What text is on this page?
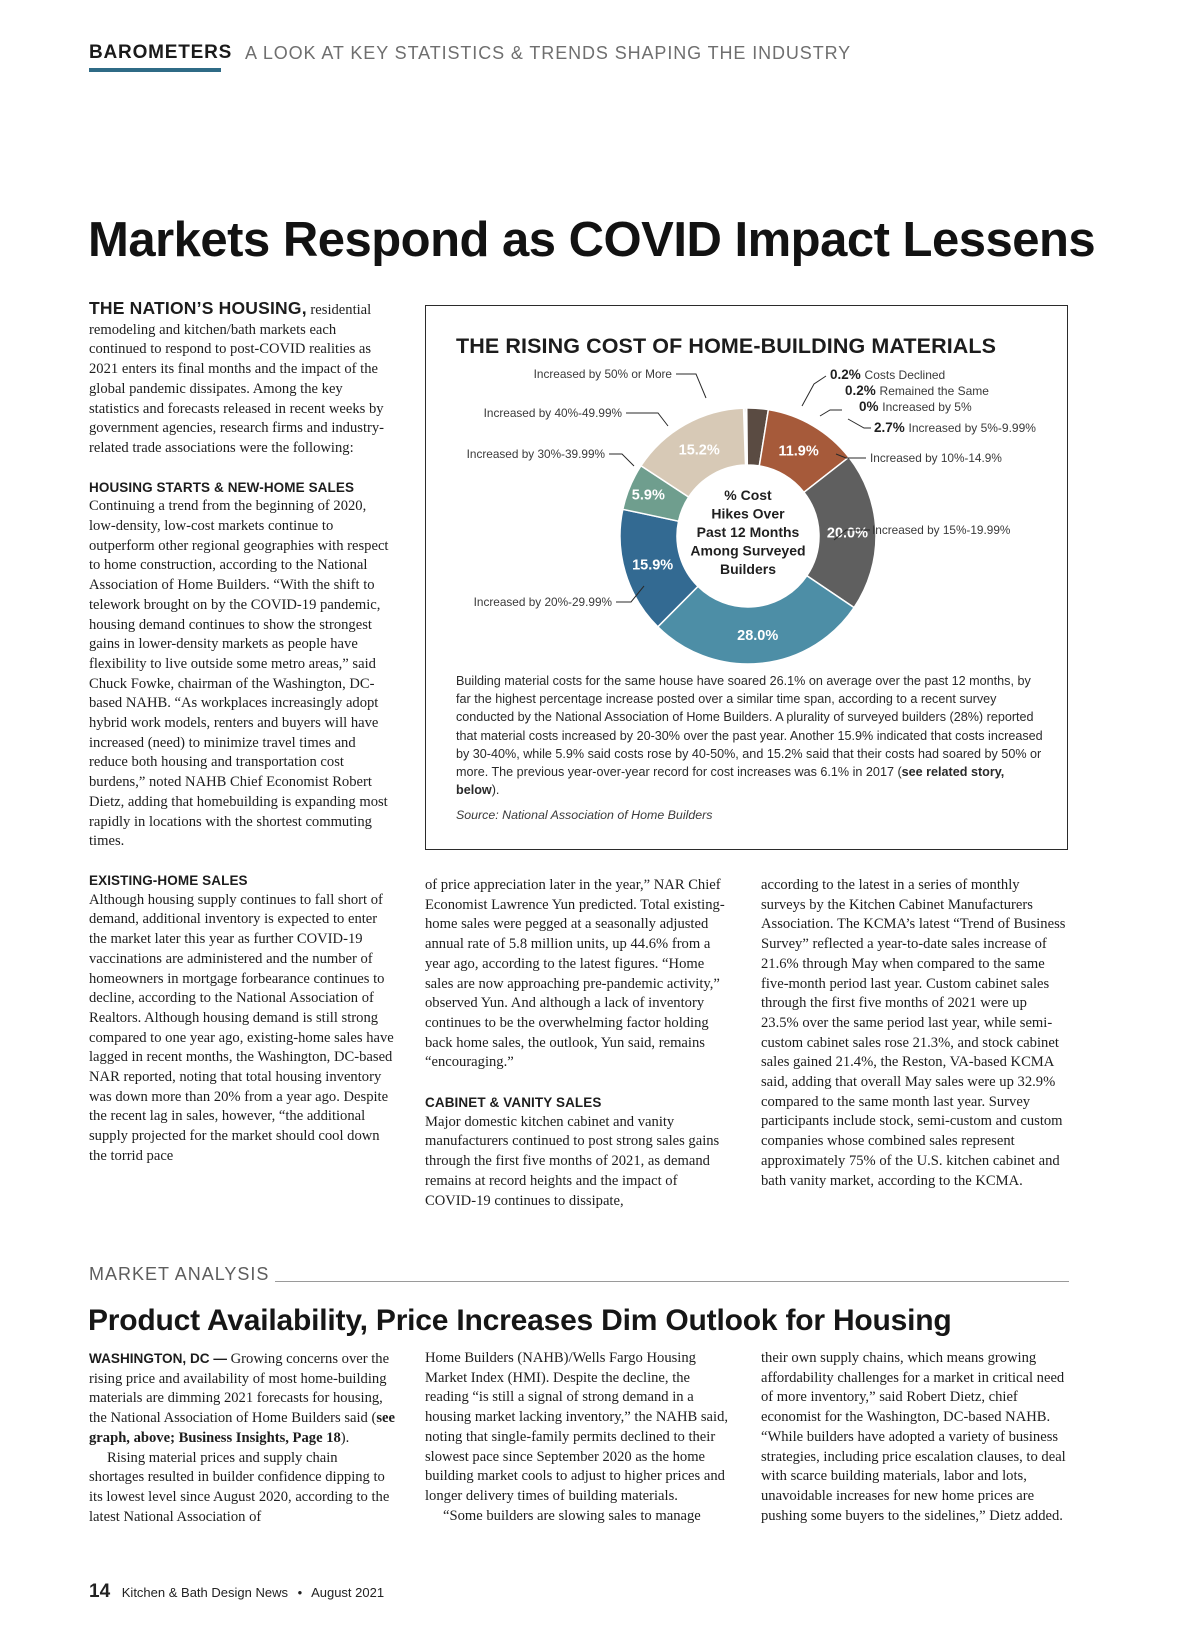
BAROMETERS A LOOK AT KEY STATISTICS & TRENDS SHAPING THE INDUSTRY
Markets Respond as COVID Impact Lessens

THE NATION’S HOUSING, residential remodeling and kitchen/bath markets each continued to respond to post-COVID realities as 2021 enters its final months and the impact of the global pandemic dissipates. Among the key statistics and forecasts released in recent weeks by government agencies, research firms and industry-related trade associations were the following:

HOUSING STARTS & NEW-HOME SALES

Continuing a trend from the beginning of 2020, low-density, low-cost markets continue to outperform other regional geographies with respect to home construction, according to the National Association of Home Builders. “With the shift to telework brought on by the COVID-19 pandemic, housing demand continues to show the strongest gains in lower-density markets as people have flexibility to live outside some metro areas,” said Chuck Fowke, chairman of the Washington, DC-based NAHB. “As workplaces increasingly adopt hybrid work models, renters and buyers will have increased (need) to minimize travel times and reduce both housing and transportation cost burdens,” noted NAHB Chief Economist Robert Dietz, adding that homebuilding is expanding most rapidly in locations with the shortest commuting times.

EXISTING-HOME SALES

Although housing supply continues to fall short of demand, additional inventory is expected to enter the market later this year as further COVID-19 vaccinations are administered and the number of homeowners in mortgage forbearance continues to decline, according to the National Association of Realtors. Although housing demand is still strong compared to one year ago, existing-home sales have lagged in recent months, the Washington, DC-based NAR reported, noting that total housing inventory was down more than 20% from a year ago. Despite the recent lag in sales, however, “the additional supply projected for the market should cool down the torrid pace

THE RISING COST OF HOME-BUILDING MATERIALS
11.9%
20.0%
28.0%
15.9%
5.9%
15.2%
% Cost
Hikes Over
Past 12 Months
Among Surveyed
Builders
Increased by 50% or More
Increased by 40%-49.99%
Increased by 30%-39.99%
Increased by 20%-29.99%
0.2% Costs Declined
0.2% Remained the Same
0% Increased by 5%
2.7% Increased by 5%-9.99%
Increased by 10%-14.9%
Increased by 15%-19.99%
Building material costs for the same house have soared 26.1% on average over the past 12 months, by far the highest percentage increase posted over a similar time span, according to a recent survey conducted by the National Association of Home Builders. A plurality of surveyed builders (28%) reported that material costs increased by 20-30% over the past year. Another 15.9% indicated that costs increased by 30-40%, while 5.9% said costs rose by 40-50%, and 15.2% said that their costs had soared by 50% or more. The previous year-over-year record for cost increases was 6.1% in 2017 (see related story, below).
Source: National Association of Home Builders

of price appreciation later in the year,” NAR Chief Economist Lawrence Yun predicted. Total existing-home sales were pegged at a seasonally adjusted annual rate of 5.8 million units, up 44.6% from a year ago, according to the latest figures. “Home sales are now approaching pre-pandemic activity,” observed Yun. And although a lack of inventory continues to be the overwhelming factor holding back home sales, the outlook, Yun said, remains “encouraging.”

CABINET & VANITY SALES

Major domestic kitchen cabinet and vanity manufacturers continued to post strong sales gains through the first five months of 2021, as demand remains at record heights and the impact of COVID-19 continues to dissipate,

according to the latest in a series of monthly surveys by the Kitchen Cabinet Manufacturers Association. The KCMA’s latest “Trend of Business Survey” reflected a year-to-date sales increase of 21.6% through May when compared to the same five-month period last year. Custom cabinet sales through the first five months of 2021 were up 23.5% over the same period last year, while semi-custom cabinet sales rose 21.3%, and stock cabinet sales gained 21.4%, the Reston, VA-based KCMA said, adding that overall May sales were up 32.9% compared to the same month last year. Survey participants include stock, semi-custom and custom companies whose combined sales represent approximately 75% of the U.S. kitchen cabinet and bath vanity market, according to the KCMA.

MARKET ANALYSIS
Product Availability, Price Increases Dim Outlook for Housing

WASHINGTON, DC — Growing concerns over the rising price and availability of most home-building materials are dimming 2021 forecasts for housing, the National Association of Home Builders said (see graph, above; Business Insights, Page 18).

Rising material prices and supply chain shortages resulted in builder confidence dipping to its lowest level since August 2020, according to the latest National Association of

Home Builders (NAHB)/Wells Fargo Housing Market Index (HMI). Despite the decline, the reading “is still a signal of strong demand in a housing market lacking inventory,” the NAHB said, noting that single-family permits declined to their slowest pace since September 2020 as the home building market cools to adjust to higher prices and longer delivery times of building materials.

“Some builders are slowing sales to manage

their own supply chains, which means growing affordability challenges for a market in critical need of more inventory,” said Robert Dietz, chief economist for the Washington, DC-based NAHB. “While builders have adopted a variety of business strategies, including price escalation clauses, to deal with scarce building materials, labor and lots, unavoidable increases for new home prices are pushing some buyers to the sidelines,” Dietz added.

14 Kitchen & Bath Design News • August 2021
